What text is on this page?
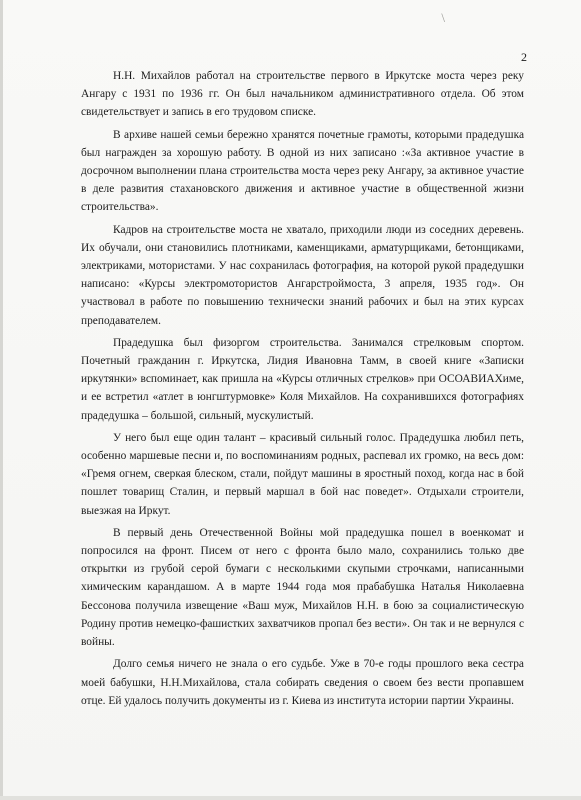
\
2

Н.Н. Михайлов работал на строительстве первого в Иркутске моста через реку Ангару с 1931 по 1936 гг. Он был начальником административного отдела. Об этом свидетельствует и запись в его трудовом списке.

В архиве нашей семьи бережно хранятся почетные грамоты, которыми прадедушка был награжден за хорошую работу. В одной из них записано :«За активное участие в досрочном выполнении плана строительства моста через реку Ангару, за активное участие в деле развития стахановского движения и активное участие в общественной жизни строительства».

Кадров на строительстве моста не хватало, приходили люди из соседних деревень. Их обучали, они становились плотниками, каменщиками, арматурщиками, бетонщиками, электриками, мотористами. У нас сохранилась фотография, на которой рукой прадедушки написано: «Курсы электромотористов Ангарстроймоста, 3 апреля, 1935 год». Он участвовал в работе по повышению технически знаний рабочих и был на этих курсах преподавателем.

Прадедушка был физоргом строительства. Занимался стрелковым спортом. Почетный гражданин г. Иркутска, Лидия Ивановна Тамм, в своей книге «Записки иркутянки» вспоминает, как пришла на «Курсы отличных стрелков» при ОСОАВИАХиме, и ее встретил «атлет в юнгштурмовке» Коля Михайлов. На сохранившихся фотографиях прадедушка – большой, сильный, мускулистый.

У него был еще один талант – красивый сильный голос. Прадедушка любил петь, особенно маршевые песни и, по воспоминаниям родных, распевал их громко, на весь дом: «Гремя огнем, сверкая блеском, стали, пойдут машины в яростный поход, когда нас в бой пошлет товарищ Сталин, и первый маршал в бой нас поведет». Отдыхали строители, выезжая на Иркут.

В первый день Отечественной Войны мой прадедушка пошел в военкомат и попросился на фронт. Писем от него с фронта было мало, сохранились только две открытки из грубой серой бумаги с несколькими скупыми строчками, написанными химическим карандашом. А в марте 1944 года моя прабабушка Наталья Николаевна Бессонова получила извещение «Ваш муж, Михайлов Н.Н. в бою за социалистическую Родину против немецко-фашистких захватчиков пропал без вести». Он так и не вернулся с войны.

Долго семья ничего не знала о его судьбе. Уже в 70-е годы прошлого века сестра моей бабушки, Н.Н.Михайлова, стала собирать сведения о своем без вести пропавшем отце. Ей удалось получить документы из г. Киева из института истории партии Украины.
